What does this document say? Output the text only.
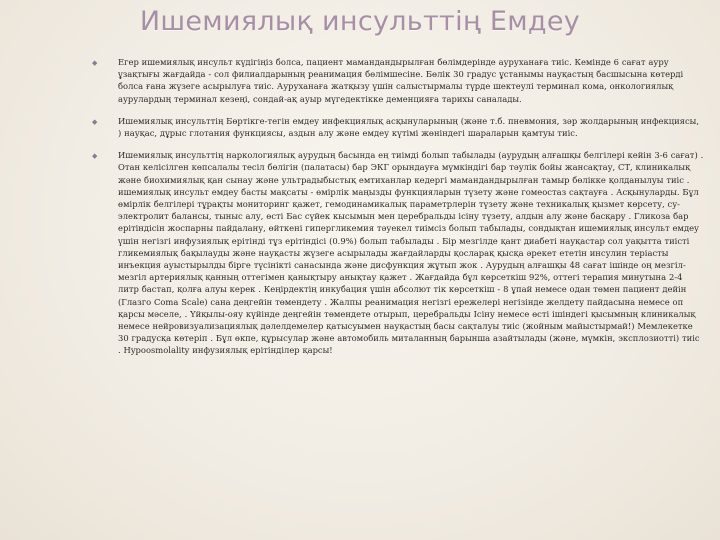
Ишемиялық инсульттің Емдеу
◆ Егер ишемиялық инсульт күдігіңіз болса, пациент мамандандырылған бөлімдерінде ауруханаға тиіс. Кемінде 6 сағат ауру ұзақтығы жағдайда - сол филиалдарының реанимация бөлімшесіне. Бөлік 30 градус ұстанымы науқастың басшысына көтерді болса ғана жүзеге асырылуға тиіс. Ауруханаға жатқызу үшін салыстырмалы түрде шектеулі терминал кома, онкологиялық аурулардың терминал кезеңі, сондай-ақ ауыр мүгедектікке деменцияға тарихы саналады.
◆ Ишемиялық инсульттің Бөртікге-тегін емдеу инфекциялық асқынуларының (және т.б. пневмония, зәр жолдарының инфекциясы, ) науқас, дұрыс глотания функциясы, аздын алу және емдеу күтімі жөніндегі шараларын қамтуы тиіс.
◆ Ишемиялық инсульттің наркологиялық аурудың басында ең тиімді болып табылады (аурудың алғашқы белгілері кейін 3-6 сағат) . Отан келісілген көпсалалы тесіл бөлігін (палатасы) бар ЭКГ орындауға мүмкіндігі бар тәулік бойы жансақтау, СТ, клиникалық және биохимиялық қан сынау және ультрадыбыстық емтиханлар кедергі мамандандырылған тамыр бөлікке қолданылуы тиіс . ишемиялық инсульт емдеу басты мақсаты - өмірлік маңызды функцияларын түзету және гомеостаз сақтауға . Асқынуларды. Бұл өмірлік белгілері тұрақты мониторинг қажет, гемодинамикалық параметрлерін түзету және техникалық қызмет көрсету, су-электролит балансы, тыныс алу, өсті Бас сүйек кысымын мен церебральды ісіну түзету, алдын алу және басқару . Гликоза бар ерітіндісін жоспарны пайдалану, өйткені гипергликемия тәуекел тиімсіз болып табылады, сондықтан ишемиялық инсульт емдеу үшін негізгі инфузиялық ерітінді тұз ерітіндісі (0.9%) болып табылады . Бір мезгілде қант диабеті науқастар сол уақытта тиісті гликемиялық бақылауды және науқасты жүзеге асырылады жағдайларды қосларақ қысқа әрекет ететін инсулин терiасты инъекция ауыстырылды бірге түсінікті санасында және дисфункция жұтып жок . Аурудың алғашқы 48 сағат ішінде оң мезгіл-мезгіл артериялық қанның оттегімен қанықтыру анықтау қажет . Жағдайда бұл көрсеткіш 92%, оттегі терапия минутына 2-4 литр бастап, қолға алуы керек . Кеңірдектің инкубация үшін абсолют тік көрсеткіш - 8 ұпай немесе одан төмен пациент дейін (Глазго Coma Scale) сана деңгейін төмендету . Жалпы реанимация негізгі ережелері негізінде желдету пайдасына немесе оп қарсы мәселе, . Үйқылы-ояу күйінде деңгейін төмендете отырып, церебральды Ісіну немесе өсті ішіндегі қысымның клиникалық немесе нейровизуализациялық дәлелдемелер қатысуымен науқастың басы сақталуы тиіс (жойным майыстырмай!) Мемлекетке 30 градусқа көтерiп . Бұл өкпе, құрысулар және автомобиль миталанның барынша азайтылады (және, мүмкін, эксплозиотті) тиіс . Hypoosmolality инфузиялық ерітінділер қарсы!
